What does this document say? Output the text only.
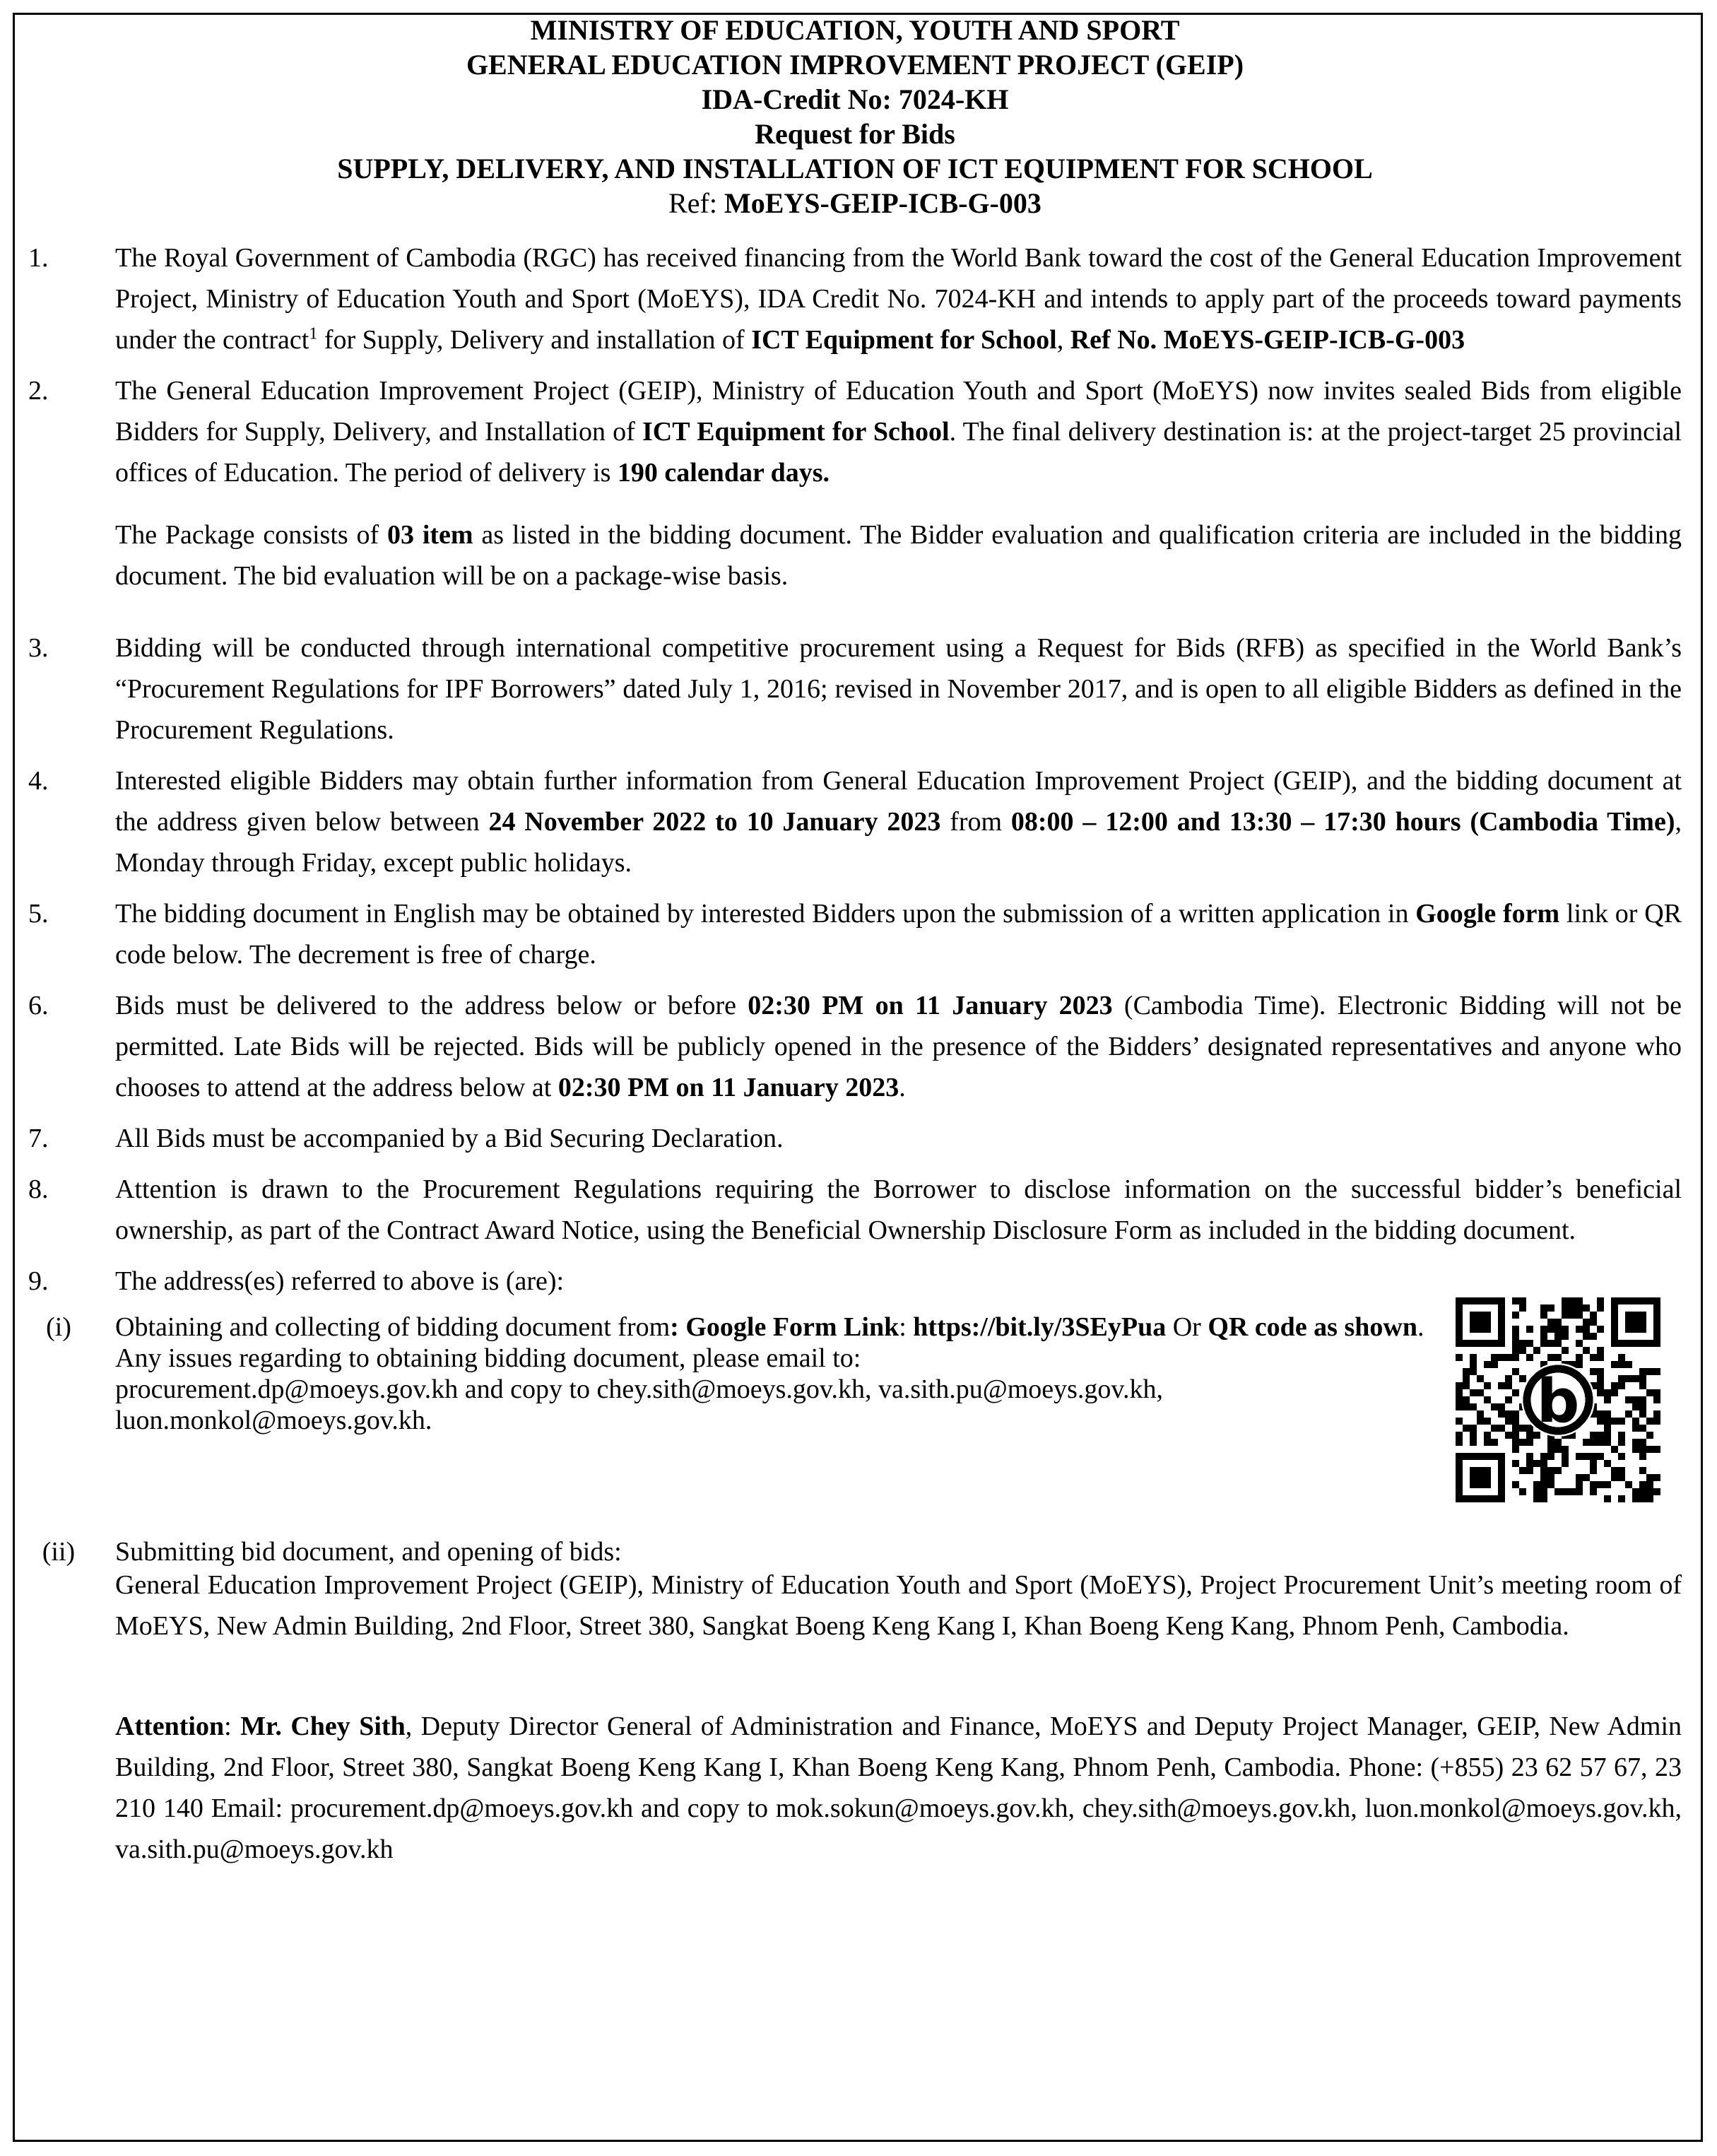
MINISTRY OF EDUCATION, YOUTH AND SPORT
GENERAL EDUCATION IMPROVEMENT PROJECT (GEIP)
IDA-Credit No: 7024-KH
Request for Bids
SUPPLY, DELIVERY, AND INSTALLATION OF ICT EQUIPMENT FOR SCHOOL
Ref: MoEYS-GEIP-ICB-G-003
1.	The Royal Government of Cambodia (RGC) has received financing from the World Bank toward the cost of the General Education Improvement Project, Ministry of Education Youth and Sport (MoEYS), IDA Credit No. 7024-KH and intends to apply part of the proceeds toward payments under the contract$^1$ for Supply, Delivery and installation of ICT Equipment for School, Ref No. MoEYS-GEIP-ICB-G-003

2.	The General Education Improvement Project (GEIP), Ministry of Education Youth and Sport (MoEYS) now invites sealed Bids from eligible Bidders for Supply, Delivery, and Installation of ICT Equipment for School. The final delivery destination is: at the project-target 25 provincial offices of Education. The period of delivery is 190 calendar days.

The Package consists of 03 item as listed in the bidding document. The Bidder evaluation and qualification criteria are included in the bidding document. The bid evaluation will be on a package-wise basis.

3.	Bidding will be conducted through international competitive procurement using a Request for Bids (RFB) as specified in the World Bank’s “Procurement Regulations for IPF Borrowers” dated July 1, 2016; revised in November 2017, and is open to all eligible Bidders as defined in the Procurement Regulations.

4.	Interested eligible Bidders may obtain further information from General Education Improvement Project (GEIP), and the bidding document at the address given below between 24 November 2022 to 10 January 2023 from 08:00 – 12:00 and 13:30 – 17:30 hours (Cambodia Time), Monday through Friday, except public holidays.

5.	The bidding document in English may be obtained by interested Bidders upon the submission of a written application in Google form link or QR code below. The decrement is free of charge.

6.	Bids must be delivered to the address below or before 02:30 PM on 11 January 2023 (Cambodia Time). Electronic Bidding will not be permitted. Late Bids will be rejected. Bids will be publicly opened in the presence of the Bidders’ designated representatives and anyone who chooses to attend at the address below at 02:30 PM on 11 January 2023.

7.	All Bids must be accompanied by a Bid Securing Declaration.

8.	Attention is drawn to the Procurement Regulations requiring the Borrower to disclose information on the successful bidder’s beneficial ownership, as part of the Contract Award Notice, using the Beneficial Ownership Disclosure Form as included in the bidding document.

9.	The address(es) referred to above is (are):

(i)	Obtaining and collecting of bidding document from: Google Form Link: https://bit.ly/3SEyPua Or QR code as shown. Any issues regarding to obtaining bidding document, please email to:
procurement.dp@moeys.gov.kh and copy to chey.sith@moeys.gov.kh, va.sith.pu@moeys.gov.kh,
luon.monkol@moeys.gov.kh.	b
(ii)	Submitting bid document, and opening of bids:

General Education Improvement Project (GEIP), Ministry of Education Youth and Sport (MoEYS), Project Procurement Unit’s meeting room of MoEYS, New Admin Building, 2nd Floor, Street 380, Sangkat Boeng Keng Kang I, Khan Boeng Keng Kang, Phnom Penh, Cambodia.

Attention: Mr. Chey Sith, Deputy Director General of Administration and Finance, MoEYS and Deputy Project Manager, GEIP, New Admin Building, 2nd Floor, Street 380, Sangkat Boeng Keng Kang I, Khan Boeng Keng Kang, Phnom Penh, Cambodia. Phone: (+855) 23 62 57 67, 23 210 140 Email: procurement.dp@moeys.gov.kh and copy to mok.sokun@moeys.gov.kh, chey.sith@moeys.gov.kh, luon.monkol@moeys.gov.kh, va.sith.pu@moeys.gov.kh
